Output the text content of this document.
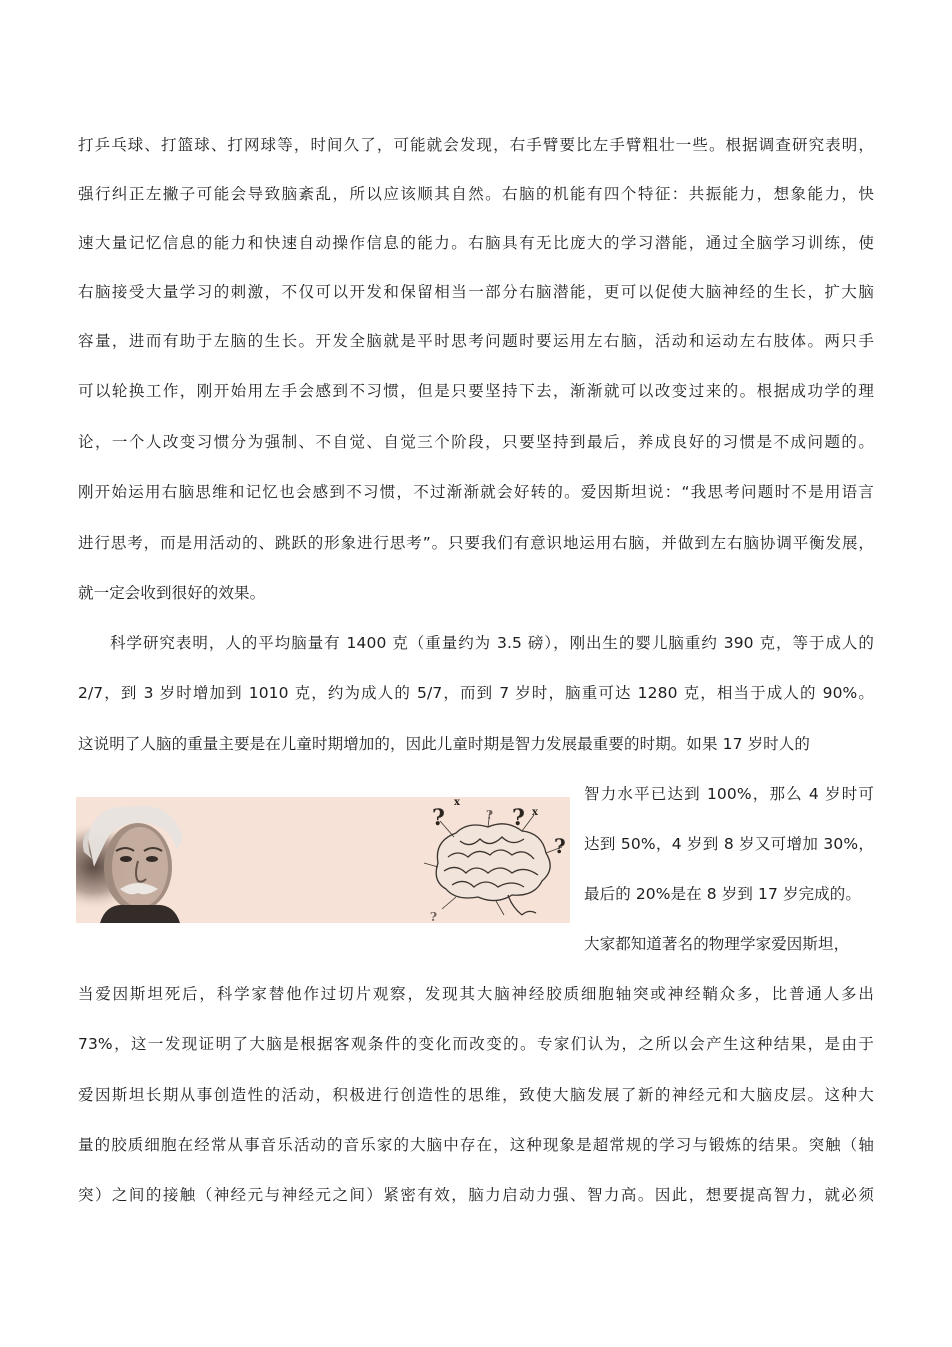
打乒乓球、打篮球、打网球等，时间久了，可能就会发现，右手臂要比左手臂粗壮一些。根据调查研究表明，
强行纠正左撇子可能会导致脑紊乱，所以应该顺其自然。右脑的机能有四个特征：共振能力，想象能力，快
速大量记忆信息的能力和快速自动操作信息的能力。右脑具有无比庞大的学习潜能，通过全脑学习训练，使
右脑接受大量学习的刺激，不仅可以开发和保留相当一部分右脑潜能，更可以促使大脑神经的生长，扩大脑
容量，进而有助于左脑的生长。开发全脑就是平时思考问题时要运用左右脑，活动和运动左右肢体。两只手
可以轮换工作，刚开始用左手会感到不习惯，但是只要坚持下去，渐渐就可以改变过来的。根据成功学的理
论，一个人改变习惯分为强制、不自觉、自觉三个阶段，只要坚持到最后，养成良好的习惯是不成问题的。
刚开始运用右脑思维和记忆也会感到不习惯，不过渐渐就会好转的。爱因斯坦说：“我思考问题时不是用语言
进行思考，而是用活动的、跳跃的形象进行思考”。只要我们有意识地运用右脑，并做到左右脑协调平衡发展，
就一定会收到很好的效果。
科学研究表明，人的平均脑量有 1400 克（重量约为 3.5 磅），刚出生的婴儿脑重约 390 克，等于成人的
2/7，到 3 岁时增加到 1010 克，约为成人的 5/7，而到 7 岁时，脑重可达 1280 克，相当于成人的 90%。
这说明了人脑的重量主要是在儿童时期增加的，因此儿童时期是智力发展最重要的时期。如果 17 岁时人的
智力水平已达到 100%，那么 4 岁时可
达到 50%，4 岁到 8 岁又可增加 30%，
最后的 20%是在 8 岁到 17 岁完成的。
大家都知道著名的物理学家爱因斯坦，
?
x
? ? x
?
?
当爱因斯坦死后，科学家替他作过切片观察，发现其大脑神经胶质细胞轴突或神经鞘众多，比普通人多出
73%，这一发现证明了大脑是根据客观条件的变化而改变的。专家们认为，之所以会产生这种结果，是由于
爱因斯坦长期从事创造性的活动，积极进行创造性的思维，致使大脑发展了新的神经元和大脑皮层。这种大
量的胶质细胞在经常从事音乐活动的音乐家的大脑中存在，这种现象是超常规的学习与锻炼的结果。突触（轴
突）之间的接触（神经元与神经元之间）紧密有效，脑力启动力强、智力高。因此，想要提高智力，就必须
